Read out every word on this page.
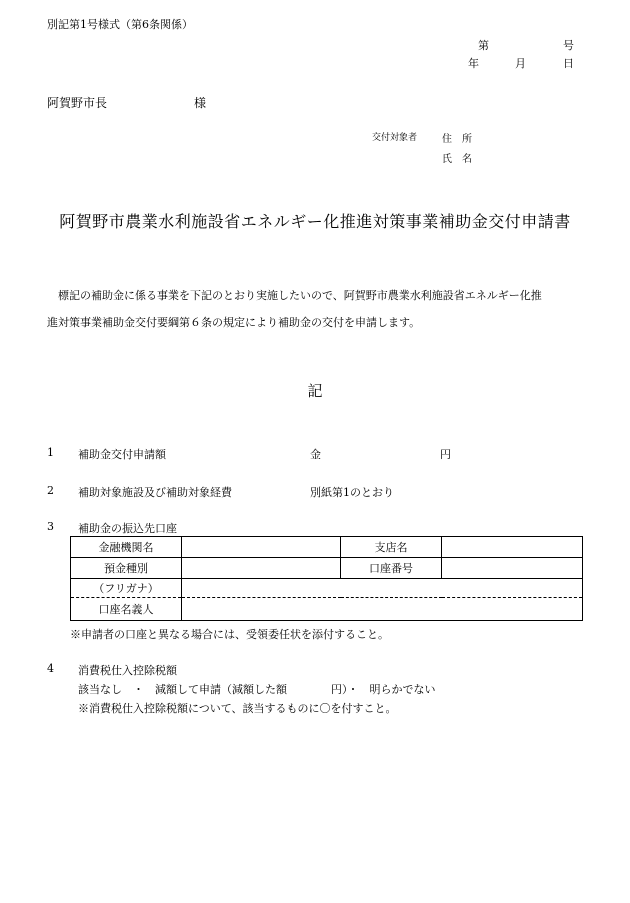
別記第1号様式（第6条関係）
第	号
年	月	日
阿賀野市長	様
交付対象者 住　所
氏　名
阿賀野市農業水利施設省エネルギー化推進対策事業補助金交付申請書
標記の補助金に係る事業を下記のとおり実施したいので、阿賀野市農業水利施設省エネルギー化推
進対策事業補助金交付要綱第６条の規定により補助金の交付を申請します。
記
1 補助金交付申請額	金	円
2 補助対象施設及び補助対象経費	別紙第1のとおり
3 補助金の振込先口座
金融機関名		支店名	
預金種別		口座番号	
（フリガナ）			
口座名義人			
※申請者の口座と異なる場合には、受領委任状を添付すること。
4 消費税仕入控除税額
該当なし　・　減額して申請（減額した額　　　　円）・　明らかでない
※消費税仕入控除税額について、該当するものに〇を付すこと。
